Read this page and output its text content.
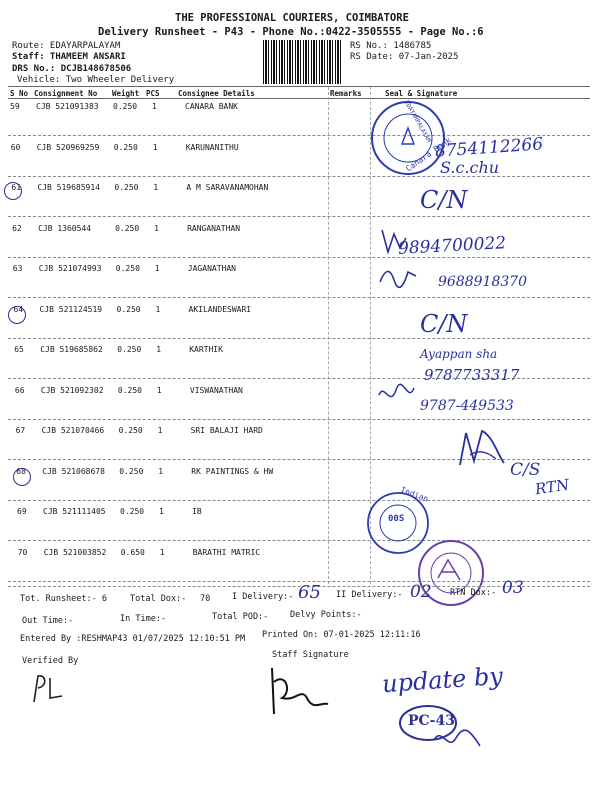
THE PROFESSIONAL COURIERS, COIMBATORE
Delivery Runsheet - P43 - Phone No.:0422-3505555 - Page No.:6
Route: EDAYARPALAYAM
Staff: THAMEEM ANSARI
DRS No.: DCJB148678506
Vehicle: Two Wheeler Delivery
RS No.: 1486785
RS Date: 07-Jan-2025
S No Consignment No Weight PCS Consignee Details	Remarks	Seal & Signature
59 CJB 521091383 0.250 1	CANARA BANK
60 CJB 520969259 0.250 1	KARUNANITHU
61 CJB 519685914 0.250 1	A M SARAVANAMOHAN
62 CJB 1360544	0.250 1	RANGANATHAN
63 CJB 521074993 0.250 1	JAGANATHAN
64 CJB 521124519 0.250 1	AKILANDESWARI
65 CJB 519685862 0.250 1	KARTHIK
66 CJB 521092302 0.250 1	VISWANATHAN
67 CJB 521070466 0.250 1	SRI BALAJI HARD
68 CJB 521068678 0.250 1	RK PAINTINGS & HW
69 CJB 521111405 0.250 1	IB
70 CJB 521003852 0.650 1	BARATHI MATRIC
8754112266
S.c.chu
C/N
9894700022
9688918370
C/N
Ayappan sha
9787733317
9787-449533
C/S
RTN
Canara Bank
EDAYARPALAYAM
Indian
00S
Tot. Runsheet:- 6	Total Dox:- 70	I Delivery:- 65 II Delivery:- 02 RTN Dox:- 03
Out Time:-	In Time:-	Total POD:-	Delvy Points:-
Entered By :RESHMAP43 01/07/2025 12:10:51 PM Printed On: 07-01-2025 12:11:16
Verified By
Staff Signature
update by
PC-43
